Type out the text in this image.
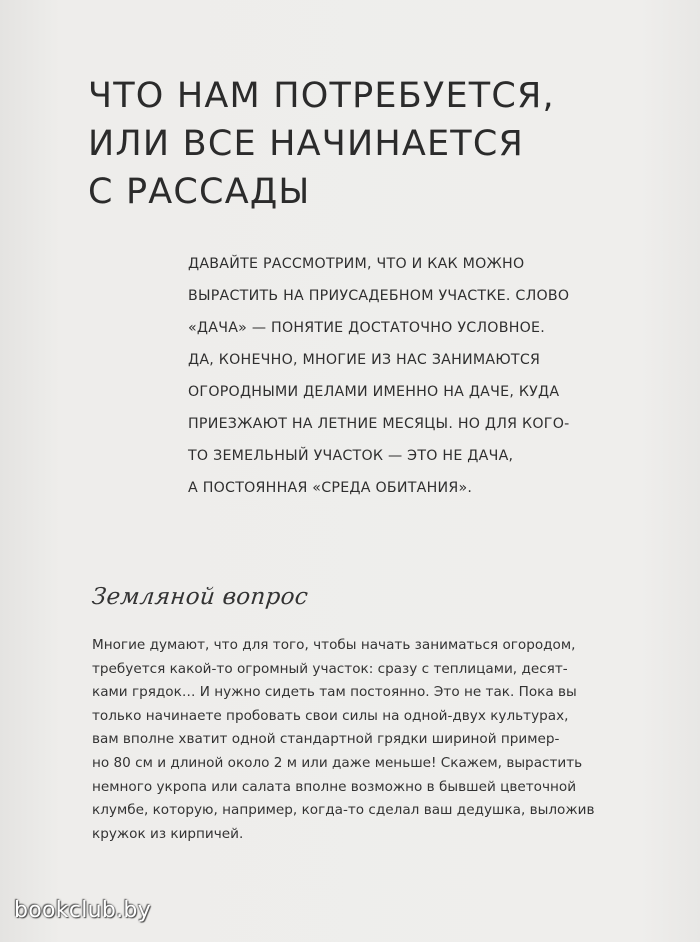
ЧТО НАМ ПОТРЕБУЕТСЯ,
ИЛИ ВСЕ НАЧИНАЕТСЯ
С РАССАДЫ

ДАВАЙТЕ РАССМОТРИМ, ЧТО И КАК МОЖНО
ВЫРАСТИТЬ НА ПРИУСАДЕБНОМ УЧАСТКЕ. СЛОВО
«ДАЧА» — ПОНЯТИЕ ДОСТАТОЧНО УСЛОВНОЕ.
ДА, КОНЕЧНО, МНОГИЕ ИЗ НАС ЗАНИМАЮТСЯ
ОГОРОДНЫМИ ДЕЛАМИ ИМЕННО НА ДАЧЕ, КУДА
ПРИЕЗЖАЮТ НА ЛЕТНИЕ МЕСЯЦЫ. НО ДЛЯ КОГО-
ТО ЗЕМЕЛЬНЫЙ УЧАСТОК — ЭТО НЕ ДАЧА,
А ПОСТОЯННАЯ «СРЕДА ОБИТАНИЯ».

Земляной вопрос

Многие думают, что для того, чтобы начать заниматься огородом,
требуется какой-то огромный участок: сразу с теплицами, десят-
ками грядок… И нужно сидеть там постоянно. Это не так. Пока вы
только начинаете пробовать свои силы на одной-двух культурах,
вам вполне хватит одной стандартной грядки шириной пример-
но 80 см и длиной около 2 м или даже меньше! Скажем, вырастить
немного укропа или салата вполне возможно в бывшей цветочной
клумбе, которую, например, когда-то сделал ваш дедушка, выложив
кружок из кирпичей.

bookclub.by
